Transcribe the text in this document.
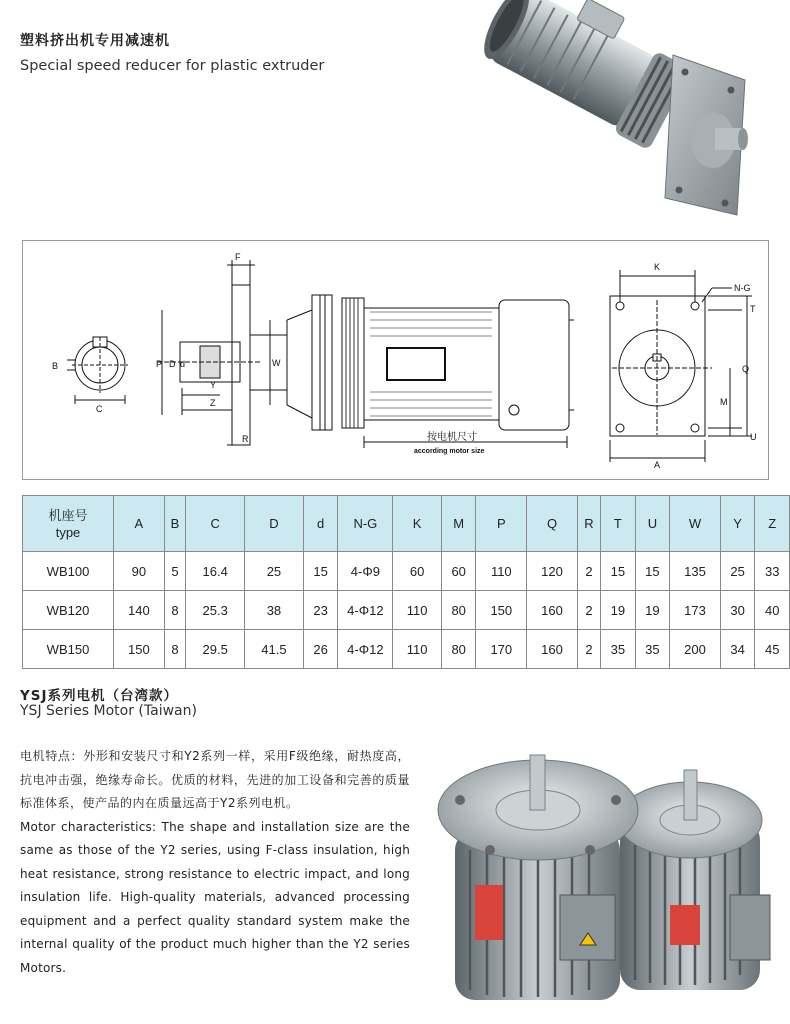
塑料挤出机专用减速机
Special speed reducer for plastic extruder
B
C
P D d
Y
Z
F
W
R
K
N-G
T
Q
M
U
A
按电机尺寸
according motor size
机座号
type	A	B	C	D	d	N-G	K	M	P	Q	R	T	U	W	Y	Z
WB100	90	5	16.4	25	15	4-Φ9	60	60	110	120	2	15	15	135	25	33
WB120	140	8	25.3	38	23	4-Φ12	110	80	150	160	2	19	19	173	30	40
WB150	150	8	29.5	41.5	26	4-Φ12	110	80	170	160	2	35	35	200	34	45
YSJ系列电机（台湾款）
YSJ Series Motor (Taiwan)

电机特点：外形和安装尺寸和Y2系列一样，采用F级绝缘，耐热度高，抗电冲击强，绝缘寿命长。优质的材料，先进的加工设备和完善的质量标准体系，使产品的内在质量远高于Y2系列电机。

Motor characteristics: The shape and installation size are the same as those of the Y2 series, using F-class insulation, high heat resistance, strong resistance to electric impact, and long insulation life. High-quality materials, advanced processing equipment and a perfect quality standard system make the internal quality of the product much higher than the Y2 series Motors.
